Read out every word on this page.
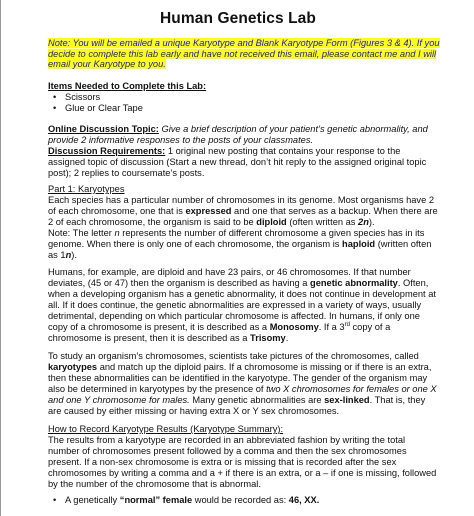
Human Genetics Lab
Note: You will be emailed a unique Karyotype and Blank Karyotype Form (Figures 3 & 4). If you decide to complete this lab early and have not received this email, please contact me and I will email your Karyotype to you.

Items Needed to Complete this Lab:

• Scissors
• Glue or Clear Tape

Online Discussion Topic: Give a brief description of your patient’s genetic abnormality, and provide 2 informative responses to the posts of your classmates.

Discussion Requirements: 1 original new posting that contains your response to the assigned topic of discussion (Start a new thread, don’t hit reply to the assigned original topic post); 2 replies to coursemate’s posts.

Part 1: Karyotypes

Each species has a particular number of chromosomes in its genome. Most organisms have 2 of each chromosome, one that is expressed and one that serves as a backup. When there are 2 of each chromosome, the organism is said to be diploid (often written as 2n).
Note: The letter n represents the number of different chromosome a given species has in its genome. When there is only one of each chromosome, the organism is haploid (written often as 1n).

Humans, for example, are diploid and have 23 pairs, or 46 chromosomes. If that number deviates, (45 or 47) then the organism is described as having a genetic abnormality. Often, when a developing organism has a genetic abnormality, it does not continue in development at all. If it does continue, the genetic abnormalities are expressed in a variety of ways, usually detrimental, depending on which particular chromosome is affected. In humans, if only one copy of a chromosome is present, it is described as a Monosomy. If a 3rd copy of a chromosome is present, then it is described as a Trisomy.

To study an organism’s chromosomes, scientists take pictures of the chromosomes, called karyotypes and match up the diploid pairs. If a chromosome is missing or if there is an extra, then these abnormalities can be identified in the karyotype. The gender of the organism may also be determined in karyotypes by the presence of two X chromosomes for females or one X and one Y chromosome for males. Many genetic abnormalities are sex-linked. That is, they are caused by either missing or having extra X or Y sex chromosomes.

How to Record Karyotype Results (Karyotype Summary):

The results from a karyotype are recorded in an abbreviated fashion by writing the total number of chromosomes present followed by a comma and then the sex chromosomes present. If a non-sex chromosome is extra or is missing that is recorded after the sex chromosomes by writing a comma and a + if there is an extra, or a – if one is missing, followed by the number of the chromosome that is abnormal.

• A genetically “normal” female would be recorded as: 46, XX.
